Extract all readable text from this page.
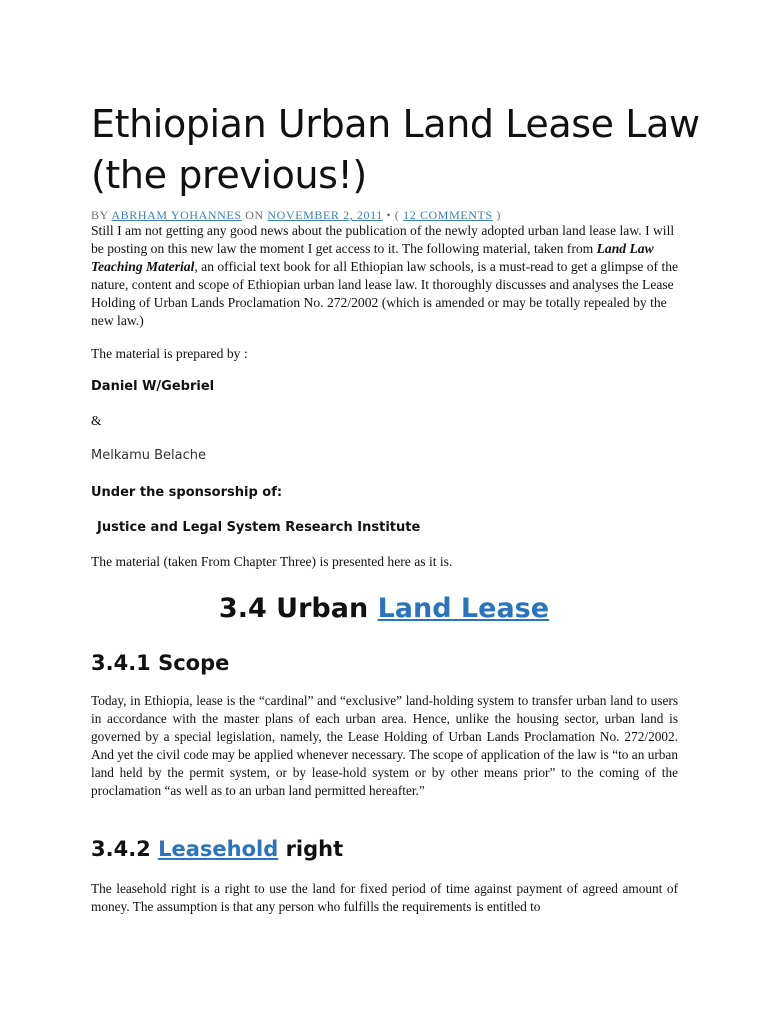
Ethiopian Urban Land Lease Law (the previous!)
BY ABRHAM YOHANNES ON NOVEMBER 2, 2011 • ( 12 COMMENTS )

Still I am not getting any good news about the publication of the newly adopted urban land lease law. I will be posting on this new law the moment I get access to it. The following material, taken from Land Law Teaching Material, an official text book for all Ethiopian law schools, is a must-read to get a glimpse of the nature, content and scope of Ethiopian urban land lease law. It thoroughly discusses and analyses the Lease Holding of Urban Lands Proclamation No. 272/2002 (which is amended or may be totally repealed by the new law.)

The material is prepared by :

Daniel W/Gebriel

&

Melkamu Belache

Under the sponsorship of:

Justice and Legal System Research Institute

The material (taken From Chapter Three) is presented here as it is.

3.4 Urban Land Lease
3.4.1 Scope

Today, in Ethiopia, lease is the “cardinal” and “exclusive” land-holding system to transfer urban land to users in accordance with the master plans of each urban area. Hence, unlike the housing sector, urban land is governed by a special legislation, namely, the Lease Holding of Urban Lands Proclamation No. 272/2002. And yet the civil code may be applied whenever necessary. The scope of application of the law is “to an urban land held by the permit system, or by lease-hold system or by other means prior” to the coming of the proclamation “as well as to an urban land permitted hereafter.”

3.4.2 Leasehold right

The leasehold right is a right to use the land for fixed period of time against payment of agreed amount of money. The assumption is that any person who fulfills the requirements is entitled to
